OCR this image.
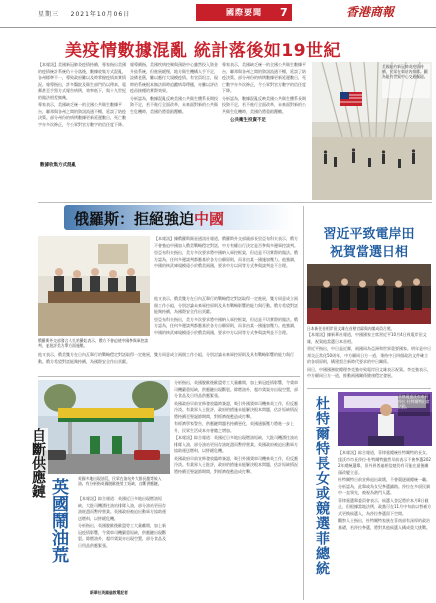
星期三 2021年10月06日	國際要聞	7	香港商報
美疫情數據混亂 統計落後如19世紀

【本報訊】美國新冠肺炎疫情持續，專家指出美國的疫情統計系統仍十分落後，數據收集方式混亂，各州標準不一，導致政府難以及時掌握疫情真實情況。報導指出，許多醫院及衛生部門仍以傳真、電郵甚至手寫方式報告病例，效率低下，與十九世紀的做法相差無幾。

專家表示，美國缺乏統一的全國公共衛生數據平台，聯邦與各州之間的資訊流通不暢，延誤了防疫決策。部分州份的病例數據更新延遲數日，死亡數字亦多次修正，令公眾對官方數字的信任度下降。

數據收集方式混亂

報導續指，美國疾病控制與預防中心雖然投入資金升級系統，但進展緩慢，地方衛生機構人手不足，設備老舊，難以應付大規模疫情。有官員坦言，現時的系統根本無法即時追蹤病毒傳播，亦難以評估疫苗接種的實際效果。

分析認為，數據混亂反映美國公共衛生體系長期投資不足，若不進行全面改革，未來面對新的公共衛生危機時，美國仍將重蹈覆轍。

公共衛生投資不足

專家表示，美國缺乏統一的全國公共衛生數據平台，聯邦與各州之間的資訊流通不暢，延誤了防疫決策。部分州份的病例數據更新延遲數日，死亡數字亦多次修正，令公眾對官方數字的信任度下降。

分析認為，數據混亂反映美國公共衛生體系長期投資不足，若不進行全面改革，未來面對新的公共衛生危機時，美國仍將重蹈覆轍。

美國紐約新冠肺炎疫情持續，民眾在車站內排隊。圖為紐約世貿中心交通樞紐。
俄羅斯：拒絕強迫中國
俄羅斯外交部發言人扎哈羅娃表示，俄方不會迫使中國參與軍控談判，並批評美方單方面施壓。

【本報訊】據俄羅斯衛星通訊社報道，俄羅斯外交部副部長里亞布科夫表示，俄方不會強迫中國加入俄美戰略穩定對話，中方有權自行決定是否參與多邊軍控談判。

里亞布科夫指出，美方多次要求將中國納入軍控框架，但這是不切實際的做法。俄方認為，任何多邊談判都應基於各方自願原則，而非由某一國施加壓力。他強調，中國的核武庫規模遠小於俄美兩國，要求中方以同等方式參與談判並不合理。

他又表示，俄美雙方在日內瓦舉行的戰略穩定對話取得一定進展，雙方同意成立兩個工作小組，分別討論未來軍控原則及具有戰略影響的能力與行動。俄方希望對話能夠持續，為國際安全作出貢獻。

里亞布科夫指出，美方多次要求將中國納入軍控框架，但這是不切實際的做法。俄方認為，任何多邊談判都應基於各方自願原則，而非由某一國施加壓力。他強調，中國的核武庫規模遠小於俄美兩國，要求中方以同等方式參與談判並不合理。

他又表示，俄美雙方在日內瓦舉行的戰略穩定對話取得一定進展，雙方同意成立兩個工作小組，分別討論未來軍控原則及具有戰略影響的能力與行動。俄方希望對話能夠持續，為國際安全作出貢獻。

習近平致電岸田
祝賀當選日相
日本新任首相岸田文雄在首相官邸與內閣成員合照。

【本報訊】據新華社報道，中國國家主席習近平10月4日致電岸田文雄，祝賀他當選日本首相。

習近平指出，中日是近鄰，兩國同為亞洲和世界重要國家。明年是中日邦交正常化50周年，中方願同日方一道，秉持中日四個政治文件確立的各項原則，構建契合新時代要求的中日關係。

同日，中國國務院總理李克強亦致電岸田文雄表示祝賀。李克強表示，中方願同日方一道，推動兩國關係健康穩定發展。

自斷供應鏈
英國鬧油荒	英國多地出現油荒，民眾在油站外大排長龍等候入油。有分析指英國脫歐後勞工短缺，自斷供應鏈。

【本報訊】綜合報道：英國近日多地出現燃油短缺，大批司機湧往油站排隊入油，部分油站更因存油耗盡而暫停營業。英國政府被迫出動軍方協助運送燃料，以紓緩危機。

分析指出，英國脫歐後歐盟勞工大量離開，加上新冠疫情影響，令貨車司機嚴重短缺，供應鏈出現斷裂。除燃油外，超市貨架亦出現空置，部分食品及日用品供應緊張。

分析指出，英國脫歐後歐盟勞工大量離開，加上新冠疫情影響，令貨車司機嚴重短缺，供應鏈出現斷裂。除燃油外，超市貨架亦出現空置，部分食品及日用品供應緊張。

英國政府早前宣佈發放臨時簽證，吸引外國貨車司機來英工作，但反應冷淡。有業界人士批評，政府的措施未能解決根本問題，估計短缺情況將持續至聖誕節期間，對經濟復甦造成打擊。

有經濟學家警告，供應鏈問題若持續惡化，英國通脹壓力將進一步上升，民眾生活成本亦會隨之增加。

【本報訊】綜合報道：英國近日多地出現燃油短缺，大批司機湧往油站排隊入油，部分油站更因存油耗盡而暫停營業。英國政府被迫出動軍方協助運送燃料，以紓緩危機。

英國政府早前宣佈發放臨時簽證，吸引外國貨車司機來英工作，但反應冷淡。有業界人士批評，政府的措施未能解決根本問題，估計短缺情況將持續至聖誕節期間，對經濟復甦造成打擊。

新華社英國倫敦電記者
杜特爾特長女或競選菲總統	菲律賓達沃市市長莎拉·杜特爾特出席活動。

【本報訊】綜合報道，菲律賓總統杜特爾特的長女、達沃市市長莎拉·杜特爾特雖然早前表示不會參選2022年總統選舉，但外界普遍相信她仍有可能在最後關頭改變主意。

杜特爾特日前宣佈退出政壇，不會競逐副總統一職。分析認為，此舉或為女兒參選鋪路。莎拉在多項民調中一直領先，被視為熱門人選。

菲律賓選舉委員會表示，候選人登記將於本月8日截止，但根據當地法例，政黨可在11月中旬前以替補方式更換候選人，為莎拉參選留下空間。

觀察人士指出，杜特爾特家族在菲南部有深厚的政治基礎，若莎拉參選，將對其他候選人構成重大挑戰。
